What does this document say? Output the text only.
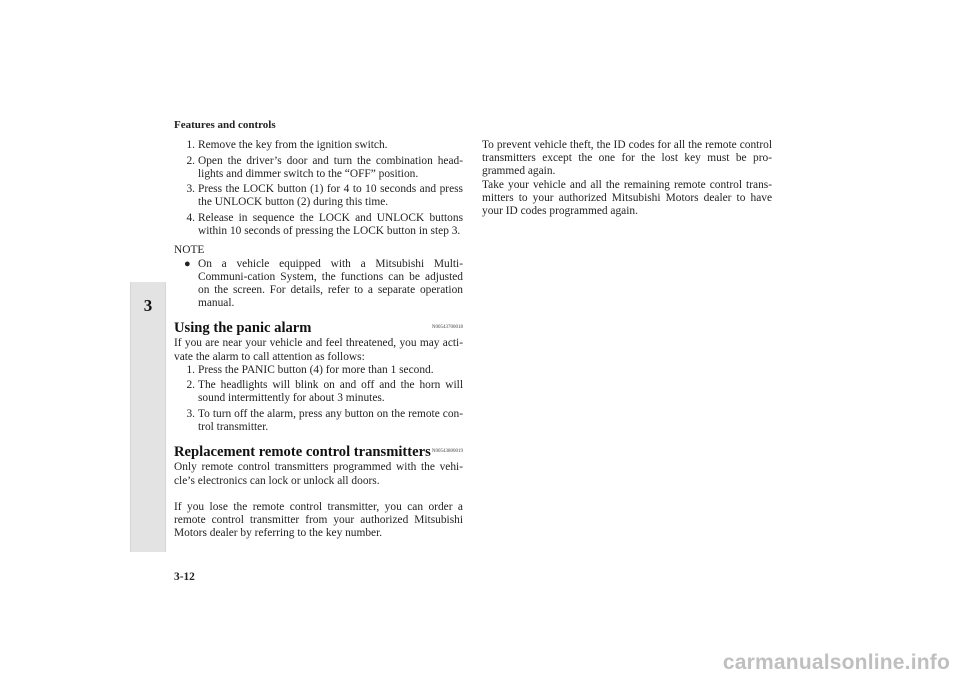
Features and controls
3
1. Remove the key from the ignition switch.
2. Open the driver’s door and turn the combination head-lights and dimmer switch to the “OFF” position.
3. Press the LOCK button (1) for 4 to 10 seconds and press the UNLOCK button (2) during this time.
4. Release in sequence the LOCK and UNLOCK buttons within 10 seconds of pressing the LOCK button in step 3.
NOTE
● On a vehicle equipped with a Mitsubishi Multi-Communi-cation System, the functions can be adjusted on the screen. For details, refer to a separate operation manual.
Using the panic alarm	N00543700018

If you are near your vehicle and feel threatened, you may acti-vate the alarm to call attention as follows:

1. Press the PANIC button (4) for more than 1 second.
2. The headlights will blink on and off and the horn will sound intermittently for about 3 minutes.
3. To turn off the alarm, press any button on the remote con-trol transmitter.
Replacement remote control transmitters N00543800019

Only remote control transmitters programmed with the vehi-cle’s electronics can lock or unlock all doors.

If you lose the remote control transmitter, you can order a remote control transmitter from your authorized Mitsubishi Motors dealer by referring to the key number.

To prevent vehicle theft, the ID codes for all the remote control transmitters except the one for the lost key must be pro-grammed again.

Take your vehicle and all the remaining remote control trans-mitters to your authorized Mitsubishi Motors dealer to have your ID codes programmed again.

3-12
carmanualsonline.info
